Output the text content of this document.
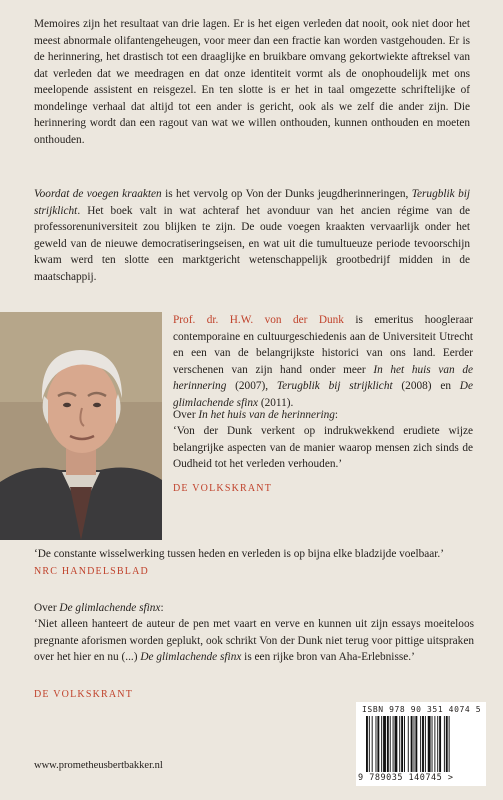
Memoires zijn het resultaat van drie lagen. Er is het eigen verleden dat nooit, ook niet door het meest abnormale olifantengeheugen, voor meer dan een fractie kan worden vastgehouden. Er is de herinnering, het drastisch tot een draaglijke en bruikbare omvang gekortwiekte aftreksel van dat verleden dat we meedragen en dat onze identiteit vormt als de onophoudelijk met ons meelopende assistent en reisgezel. En ten slotte is er het in taal omgezette schriftelijke of mondelinge verhaal dat altijd tot een ander is gericht, ook als we zelf die ander zijn. Die herinnering wordt dan een ragout van wat we willen onthouden, kunnen onthouden en moeten onthouden.

Voordat de voegen kraakten is het vervolg op Von der Dunks jeugdherinneringen, Terugblik bij strijklicht. Het boek valt in wat achteraf het avonduur van het ancien régime van de professorenuniversiteit zou blijken te zijn. De oude voegen kraakten vervaarlijk onder het geweld van de nieuwe democratiseringseisen, en wat uit die tumultueuze periode tevoorschijn kwam werd ten slotte een marktgericht wetenschappelijk grootbedrijf midden in de maatschappij.

Prof. dr. H.W. von der Dunk is emeritus hoogleraar contemporaine en cultuurgeschiedenis aan de Universiteit Utrecht en een van de belangrijkste historici van ons land. Eerder verschenen van zijn hand onder meer In het huis van de herinnering (2007), Terugblik bij strijklicht (2008) en De glimlachende sfinx (2011).

Over In het huis van de herinnering:

‘Von der Dunk verkent op indrukwekkend erudiete wijze belangrijke aspecten van de manier waarop mensen zich sinds de Oudheid tot het verleden verhouden.’

DE VOLKSKRANT

‘De constante wisselwerking tussen heden en verleden is op bijna elke bladzijde voelbaar.’

NRC HANDELSBLAD

Over De glimlachende sfinx:

‘Niet alleen hanteert de auteur de pen met vaart en verve en kunnen uit zijn essays moeiteloos pregnante aforismen worden geplukt, ook schrikt Von der Dunk niet terug voor pittige uitspraken over het hier en nu (...) De glimlachende sfinx is een rijke bron van Aha-Erlebnisse.’

DE VOLKSKRANT

www.prometheusbertbakker.nl

ISBN 978 90 351 4074 5
9 789035 140745 >
